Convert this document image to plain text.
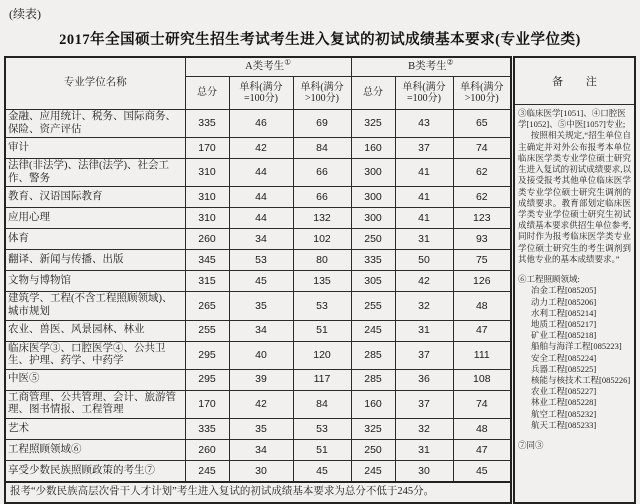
(续表)
2017年全国硕士研究生招生考试考生进入复试的初试成绩基本要求(专业学位类)
专业学位名称	A类考生①			B类考生②
	总分	单科(满分=100分)	单科(满分>100分)	总分	单科(满分=100分)	单科(满分>100分)
金融、应用统计、税务、国际商务、保险、资产评估	335	46	69	325	43	65
审计	170	42	84	160	37	74
法律(非法学)、法律(法学)、社会工作、警务	310	44	66	300	41	62
教育、汉语国际教育	310	44	66	300	41	62
应用心理	310	44	132	300	41	123
体育	260	34	102	250	31	93
翻译、新闻与传播、出版	345	53	80	335	50	75
文物与博物馆	315	45	135	305	42	126
建筑学、工程(不含工程照顾领域)、城市规划	265	35	53	255	32	48
农业、兽医、风景园林、林业	255	34	51	245	31	47
临床医学③、口腔医学④、公共卫生、护理、药学、中药学	295	40	120	285	37	111
中医⑤	295	39	117	285	36	108
工商管理、公共管理、会计、旅游管理、图书情报、工程管理	170	42	84	160	37	74
艺术	335	35	53	325	32	48
工程照顾领域⑥	260	34	51	250	31	47
享受少数民族照顾政策的考生⑦	245	30	45	245	30	45
报考“少数民族高层次骨干人才计划”考生进入复试的初试成绩基本要求为总分不低于245分。						
备 注

③临床医学[1051]、④口腔医学[1052]、⑤中医[1057]专业;

按照相关规定,“招生单位自主确定并对外公布报考本单位临床医学类专业学位硕士研究生进入复试的初试成绩要求,以及接受报考其他单位临床医学类专业学位硕士研究生调剂的成绩要求。教育部划定临床医学类专业学位硕士研究生初试成绩基本要求供招生单位参考,同时作为报考临床医学类专业学位硕士研究生的考生调剂到其他专业的基本成绩要求。”

⑥工程照顾领域:
冶金工程[085205]
动力工程[085206]
水利工程[085214]
地质工程[085217]
矿业工程[085218]
船舶与海洋工程[085223]
安全工程[085224]
兵器工程[085225]
核能与核技术工程[085226]
农业工程[085227]
林业工程[085228]
航空工程[085232]
航天工程[085233]
⑦同③
